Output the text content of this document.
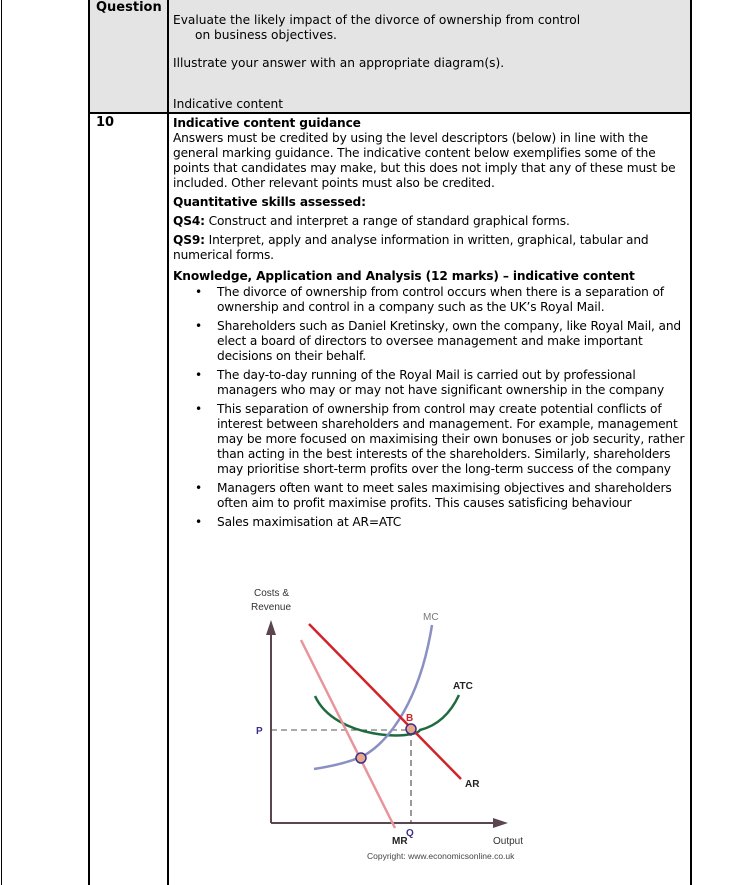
Question
Evaluate the likely impact of the divorce of ownership from control
on business objectives.
Illustrate your answer with an appropriate diagram(s).
Indicative content
10	Indicative content guidance

Answers must be credited by using the level descriptors (below) in line with the general marking guidance. The indicative content below exemplifies some of the points that candidates may make, but this does not imply that any of these must be included. Other relevant points must also be credited.

Quantitative skills assessed:

QS4: Construct and interpret a range of standard graphical forms.

QS9: Interpret, apply and analyse information in written, graphical, tabular and numerical forms.

Knowledge, Application and Analysis (12 marks) – indicative content

• The divorce of ownership from control occurs when there is a separation of ownership and control in a company such as the UK’s Royal Mail.
• Shareholders such as Daniel Kretinsky, own the company, like Royal Mail, and elect a board of directors to oversee management and make important decisions on their behalf.
• The day-to-day running of the Royal Mail is carried out by professional managers who may or may not have significant ownership in the company
• This separation of ownership from control may create potential conflicts of interest between shareholders and management. For example, management may be more focused on maximising their own bonuses or job security, rather than acting in the best interests of the shareholders. Similarly, shareholders may prioritise short-term profits over the long-term success of the company
• Managers often want to meet sales maximising objectives and shareholders often aim to profit maximise profits. This causes satisficing behaviour
• Sales maximisation at AR=ATC
Costs &
Revenue
MC
ATC
B
P
AR
MR
Q
Output
Copyright: www.economicsonline.co.uk
